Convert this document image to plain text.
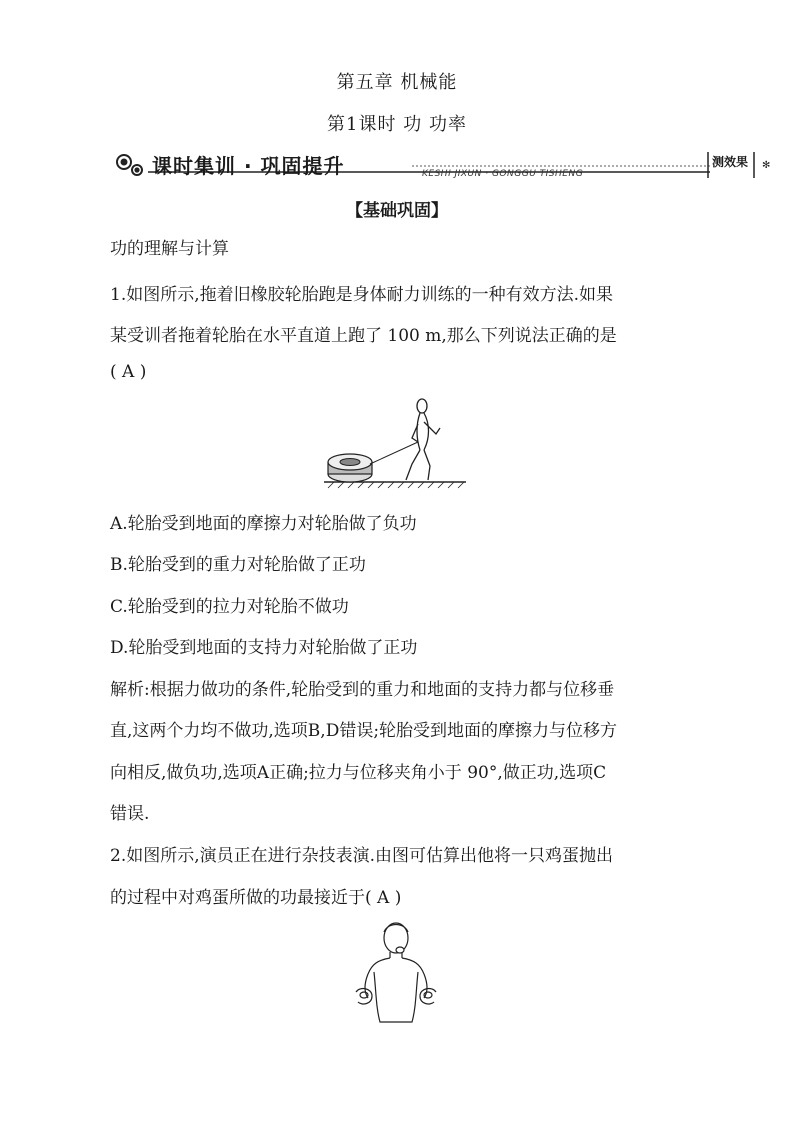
第五章 机械能
第1课时 功 功率
✻
课时集训 · 巩固提升	KESHI JIXUN · GONGGU TISHENG
测效果
【基础巩固】
功的理解与计算
1.如图所示,拖着旧橡胶轮胎跑是身体耐力训练的一种有效方法.如果
某受训者拖着轮胎在水平直道上跑了 100 m,那么下列说法正确的是
( A )
A.轮胎受到地面的摩擦力对轮胎做了负功
B.轮胎受到的重力对轮胎做了正功
C.轮胎受到的拉力对轮胎不做功
D.轮胎受到地面的支持力对轮胎做了正功
解析:根据力做功的条件,轮胎受到的重力和地面的支持力都与位移垂
直,这两个力均不做功,选项B,D错误;轮胎受到地面的摩擦力与位移方
向相反,做负功,选项A正确;拉力与位移夹角小于 90°,做正功,选项C
错误.
2.如图所示,演员正在进行杂技表演.由图可估算出他将一只鸡蛋抛出
的过程中对鸡蛋所做的功最接近于( A )
